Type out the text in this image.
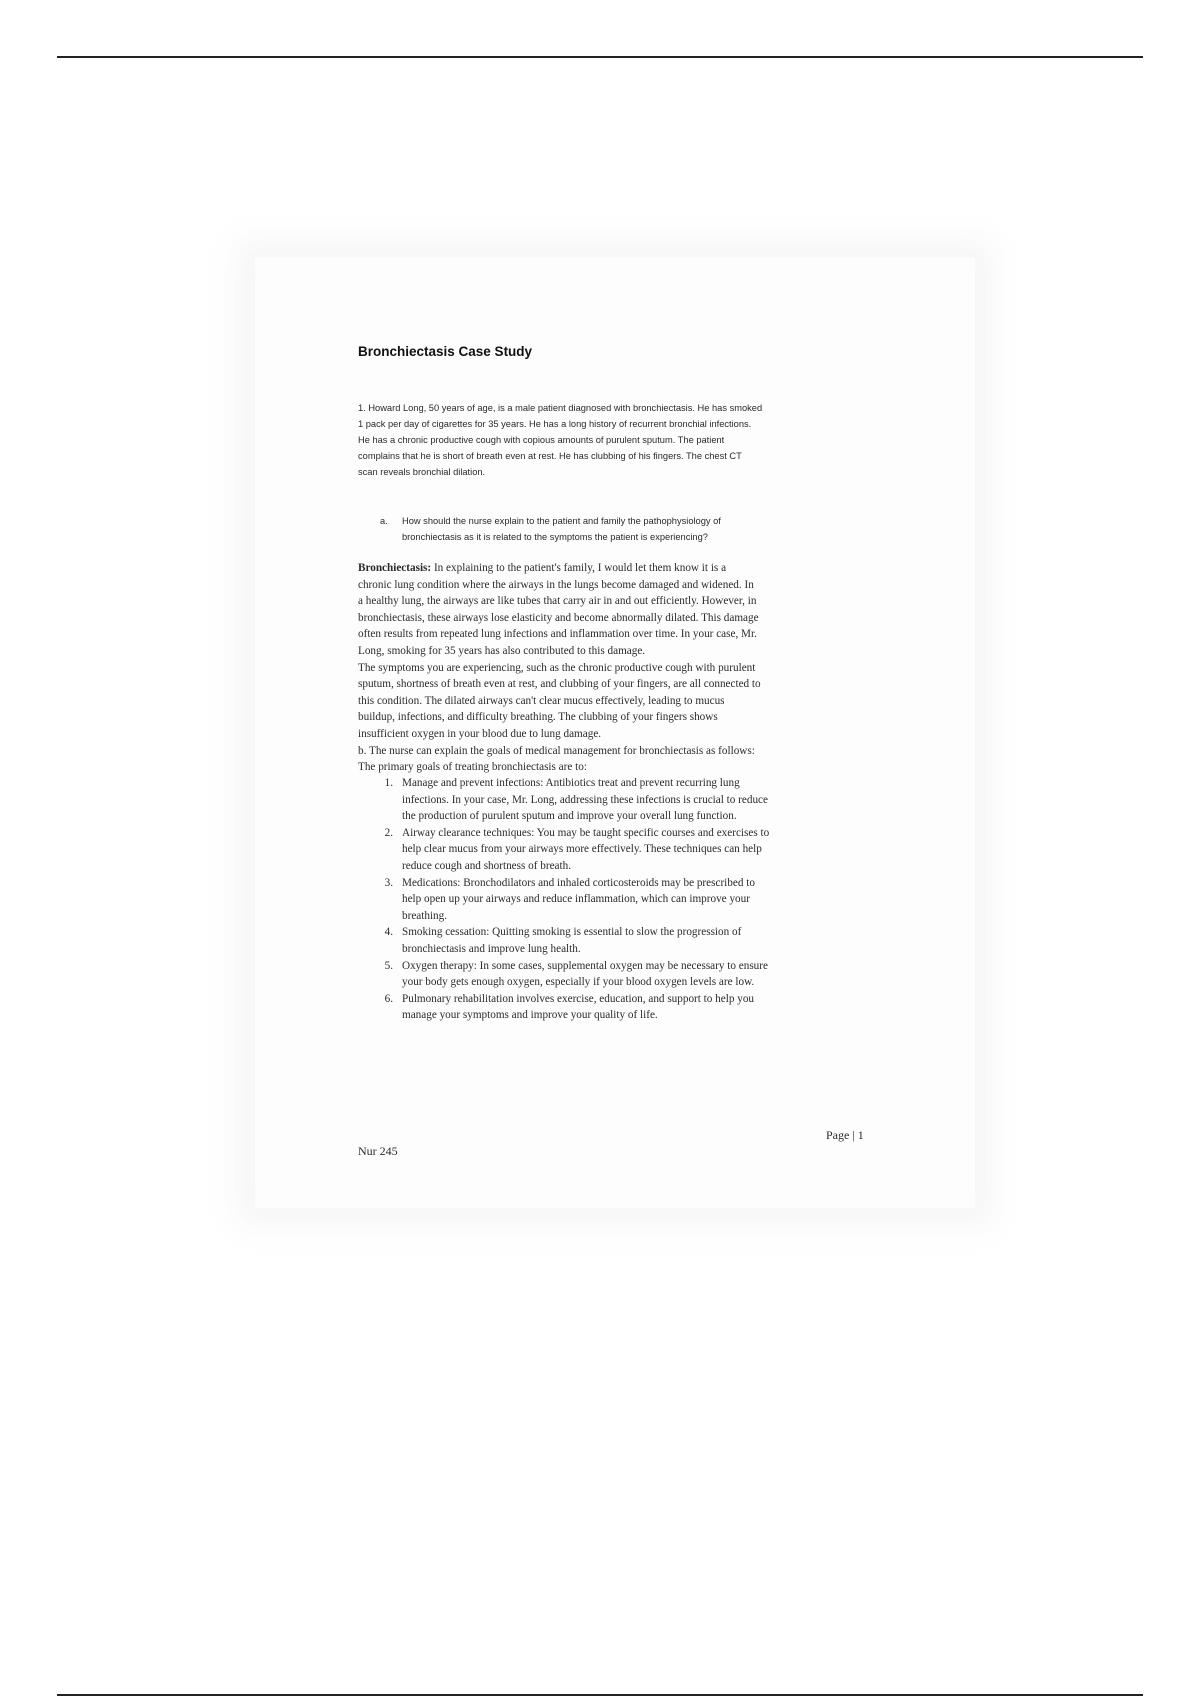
Bronchiectasis Case Study
1. Howard Long, 50 years of age, is a male patient diagnosed with bronchiectasis. He has smoked
1 pack per day of cigarettes for 35 years. He has a long history of recurrent bronchial infections.
He has a chronic productive cough with copious amounts of purulent sputum. The patient
complains that he is short of breath even at rest. He has clubbing of his fingers. The chest CT
scan reveals bronchial dilation.
a.	How should the nurse explain to the patient and family the pathophysiology of
bronchiectasis as it is related to the symptoms the patient is experiencing?

Bronchiectasis: In explaining to the patient's family, I would let them know it is a
chronic lung condition where the airways in the lungs become damaged and widened. In
a healthy lung, the airways are like tubes that carry air in and out efficiently. However, in
bronchiectasis, these airways lose elasticity and become abnormally dilated. This damage
often results from repeated lung infections and inflammation over time. In your case, Mr.
Long, smoking for 35 years has also contributed to this damage.

The symptoms you are experiencing, such as the chronic productive cough with purulent
sputum, shortness of breath even at rest, and clubbing of your fingers, are all connected to
this condition. The dilated airways can't clear mucus effectively, leading to mucus
buildup, infections, and difficulty breathing. The clubbing of your fingers shows
insufficient oxygen in your blood due to lung damage.

b. The nurse can explain the goals of medical management for bronchiectasis as follows:

The primary goals of treating bronchiectasis are to:

1. Manage and prevent infections: Antibiotics treat and prevent recurring lung
infections. In your case, Mr. Long, addressing these infections is crucial to reduce
the production of purulent sputum and improve your overall lung function.
2. Airway clearance techniques: You may be taught specific courses and exercises to
help clear mucus from your airways more effectively. These techniques can help
reduce cough and shortness of breath.
3. Medications: Bronchodilators and inhaled corticosteroids may be prescribed to
help open up your airways and reduce inflammation, which can improve your
breathing.
4. Smoking cessation: Quitting smoking is essential to slow the progression of
bronchiectasis and improve lung health.
5. Oxygen therapy: In some cases, supplemental oxygen may be necessary to ensure
your body gets enough oxygen, especially if your blood oxygen levels are low.
6. Pulmonary rehabilitation involves exercise, education, and support to help you
manage your symptoms and improve your quality of life.
Page | 1
Nur 245
